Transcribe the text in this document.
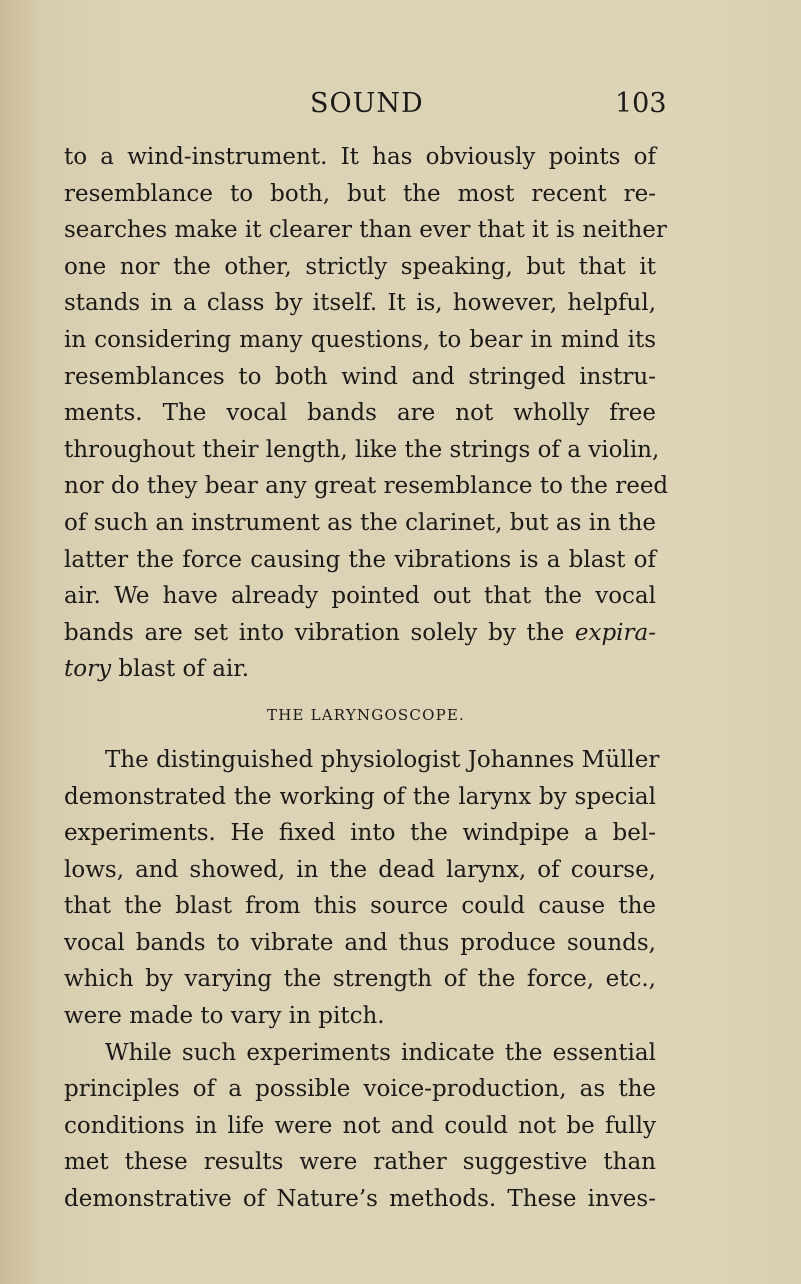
SOUND	103
to a wind-instrument. It has obviously points of
resemblance to both, but the most recent re-
searches make it clearer than ever that it is neither
one nor the other, strictly speaking, but that it
stands in a class by itself. It is, however, helpful,
in considering many questions, to bear in mind its
resemblances to both wind and stringed instru-
ments. The vocal bands are not wholly free
throughout their length, like the strings of a violin,
nor do they bear any great resemblance to the reed
of such an instrument as the clarinet, but as in the
latter the force causing the vibrations is a blast of
air. We have already pointed out that the vocal
bands are set into vibration solely by the expira-
tory blast of air.
THE LARYNGOSCOPE.
The distinguished physiologist Johannes Müller
demonstrated the working of the larynx by special
experiments. He fixed into the windpipe a bel-
lows, and showed, in the dead larynx, of course,
that the blast from this source could cause the
vocal bands to vibrate and thus produce sounds,
which by varying the strength of the force, etc.,
were made to vary in pitch.
While such experiments indicate the essential
principles of a possible voice-production, as the
conditions in life were not and could not be fully
met these results were rather suggestive than
demonstrative of Nature’s methods. These inves-
